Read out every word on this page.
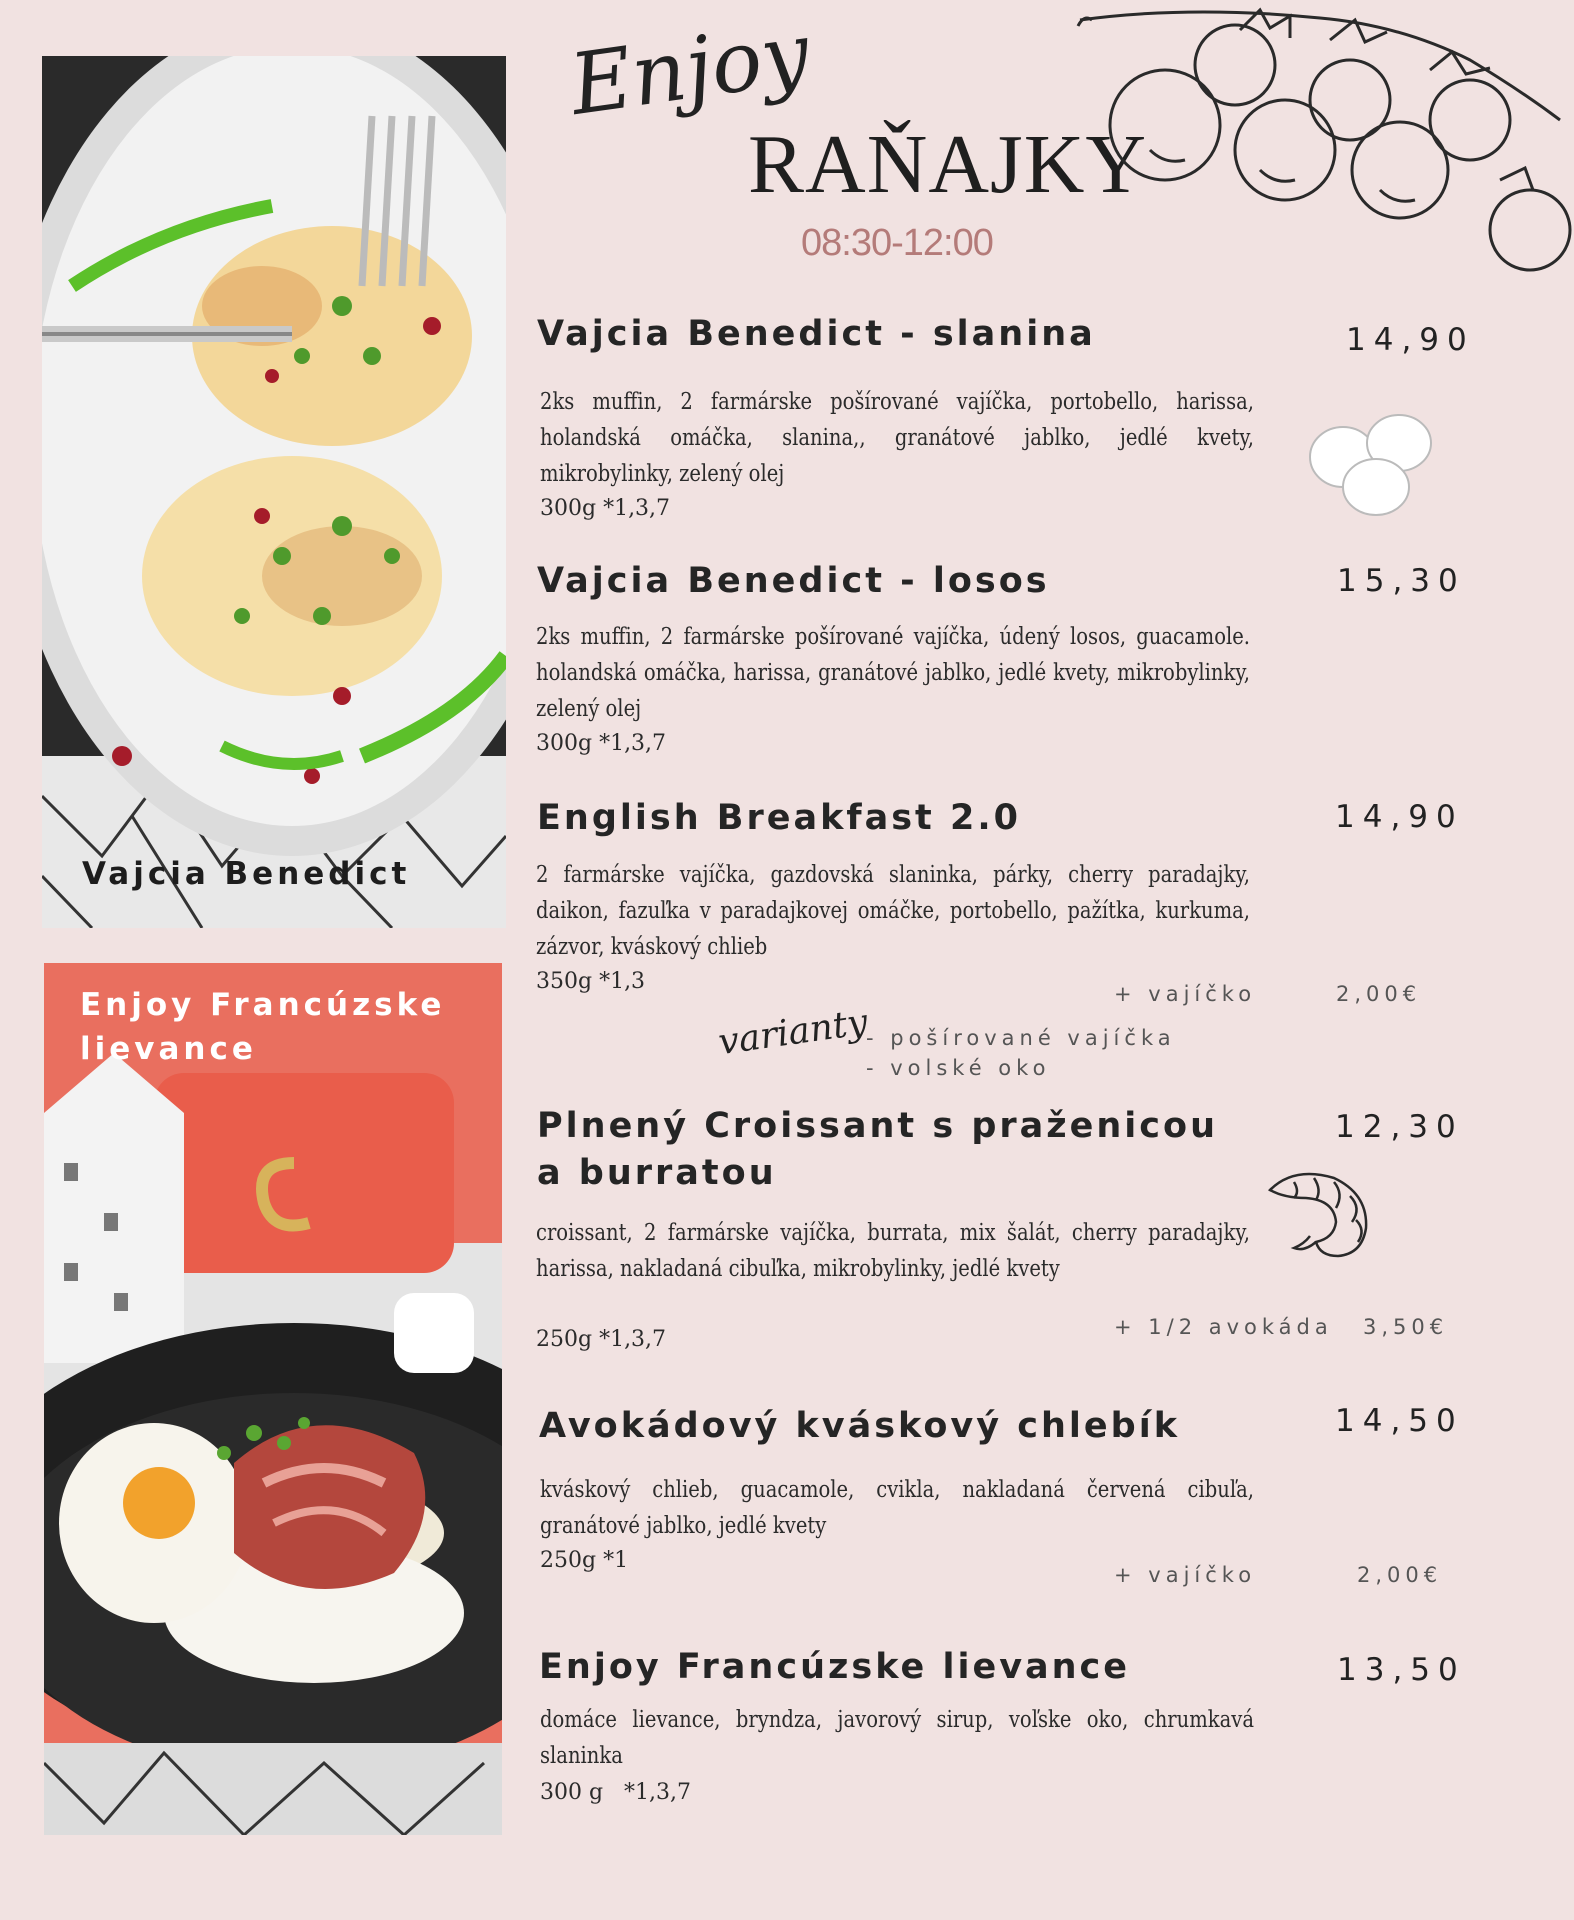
Vajcia Benedict
Enjoy Francúzske lievance
Enjoy
RAŇAJKY
08:30-12:00
Vajcia Benedict - slanina	14,90
2ks muffin, 2 farmárske pošírované vajíčka, portobello, harissa, holandská omáčka, slanina,, granátové jablko, jedlé kvety, mikrobylinky, zelený olej
300g *1,3,7
Vajcia Benedict - losos	15,30
2ks muffin, 2 farmárske pošírované vajíčka, údený losos, guacamole. holandská omáčka, harissa, granátové jablko, jedlé kvety, mikrobylinky, zelený olej
300g *1,3,7
English Breakfast 2.0	14,90
2 farmárske vajíčka, gazdovská slaninka, párky, cherry paradajky, daikon, fazuľka v paradajkovej omáčke, portobello, pažítka, kurkuma, zázvor, kváskový chlieb
350g *1,3	+ vajíčko	2,00€
varianty
- pošírované vajíčka
- volské oko
Plnený Croissant s praženicou a burratou
12,30
croissant, 2 farmárske vajíčka, burrata, mix šalát, cherry paradajky, harissa, nakladaná cibuľka, mikrobylinky, jedlé kvety
250g *1,3,7	+ 1/2 avokáda 3,50€
Avokádový kváskový chlebík	14,50
kváskový chlieb, guacamole, cvikla, nakladaná červená cibuľa, granátové jablko, jedlé kvety
250g *1
+ vajíčko	2,00€
Enjoy Francúzske lievance	13,50
domáce lievance, bryndza, javorový sirup, voľske oko, chrumkavá slaninka
300 g   *1,3,7
